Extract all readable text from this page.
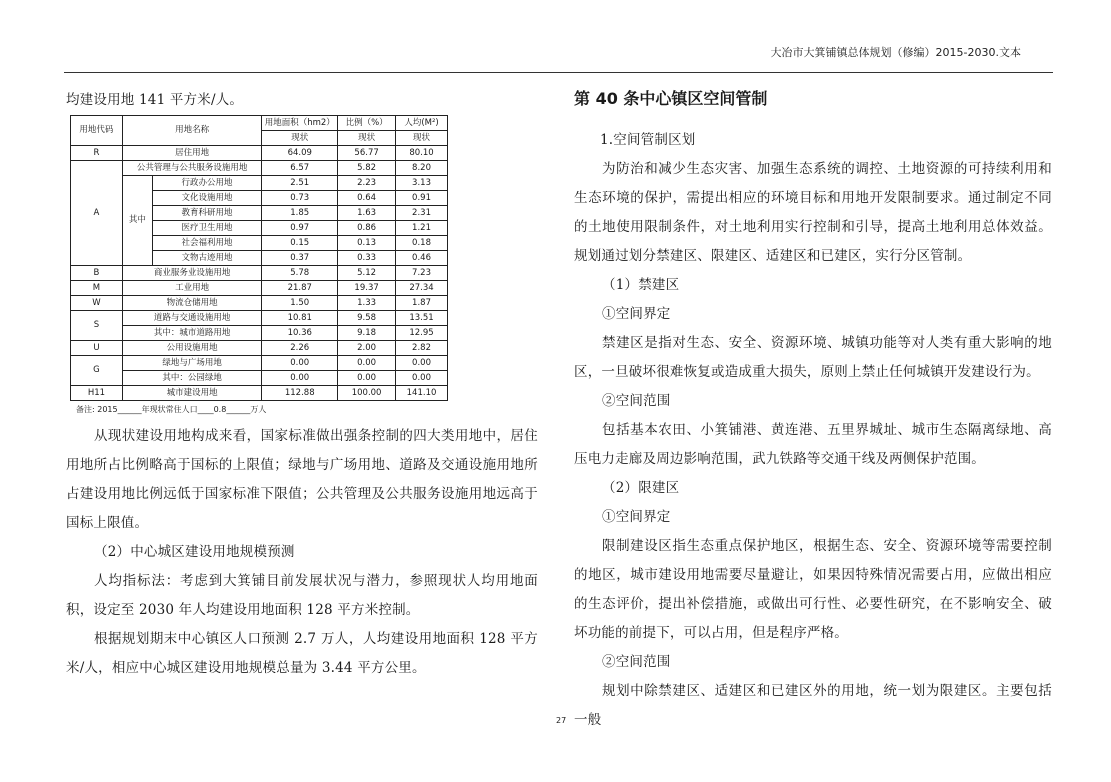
大冶市大箕铺镇总体规划（修编）2015-2030.文本

均建设用地 141 平方米/人。

用地代码	用地名称		用地面积（hm2）	比例（%）	人均(M²)
			现状	现状	现状
R	居住用地		64.09	56.77	80.10
A	公共管理与公共服务设施用地		6.57	5.82	8.20
	其中	行政办公用地	2.51	2.23	3.13
		文化设施用地	0.73	0.64	0.91
		教育科研用地	1.85	1.63	2.31
		医疗卫生用地	0.97	0.86	1.21
		社会福利用地	0.15	0.13	0.18
		文物古迹用地	0.37	0.33	0.46
B	商业服务业设施用地		5.78	5.12	7.23
M	工业用地		21.87	19.37	27.34
W	物流仓储用地		1.50	1.33	1.87
S	道路与交通设施用地		10.81	9.58	13.51
	其中：城市道路用地		10.36	9.18	12.95
U	公用设施用地		2.26	2.00	2.82
G	绿地与广场用地		0.00	0.00	0.00
	其中：公园绿地		0.00	0.00	0.00
H11	城市建设用地		112.88	100.00	141.10
备注: 2015______年现状常住人口____0.8______万人

从现状建设用地构成来看，国家标准做出强条控制的四大类用地中，居住用地所占比例略高于国标的上限值；绿地与广场用地、道路及交通设施用地所占建设用地比例远低于国家标准下限值；公共管理及公共服务设施用地远高于国标上限值。

（2）中心城区建设用地规模预测

人均指标法：考虑到大箕铺目前发展状况与潜力，参照现状人均用地面积，设定至 2030 年人均建设用地面积 128 平方米控制。

根据规划期末中心镇区人口预测 2.7 万人，人均建设用地面积 128 平方米/人，相应中心城区建设用地规模总量为 3.44 平方公里。

第 40 条中心镇区空间管制

1.空间管制区划

为防治和减少生态灾害、加强生态系统的调控、土地资源的可持续利用和生态环境的保护，需提出相应的环境目标和用地开发限制要求。通过制定不同的土地使用限制条件，对土地利用实行控制和引导，提高土地利用总体效益。规划通过划分禁建区、限建区、适建区和已建区，实行分区管制。

（1）禁建区

①空间界定

禁建区是指对生态、安全、资源环境、城镇功能等对人类有重大影响的地区，一旦破坏很难恢复或造成重大损失，原则上禁止任何城镇开发建设行为。

②空间范围

包括基本农田、小箕铺港、黄连港、五里界城址、城市生态隔离绿地、高压电力走廊及周边影响范围，武九铁路等交通干线及两侧保护范围。

（2）限建区

①空间界定

限制建设区指生态重点保护地区，根据生态、安全、资源环境等需要控制的地区，城市建设用地需要尽量避让，如果因特殊情况需要占用，应做出相应的生态评价，提出补偿措施，或做出可行性、必要性研究，在不影响安全、破坏功能的前提下，可以占用，但是程序严格。

②空间范围

规划中除禁建区、适建区和已建区外的用地，统一划为限建区。主要包括一般

27
